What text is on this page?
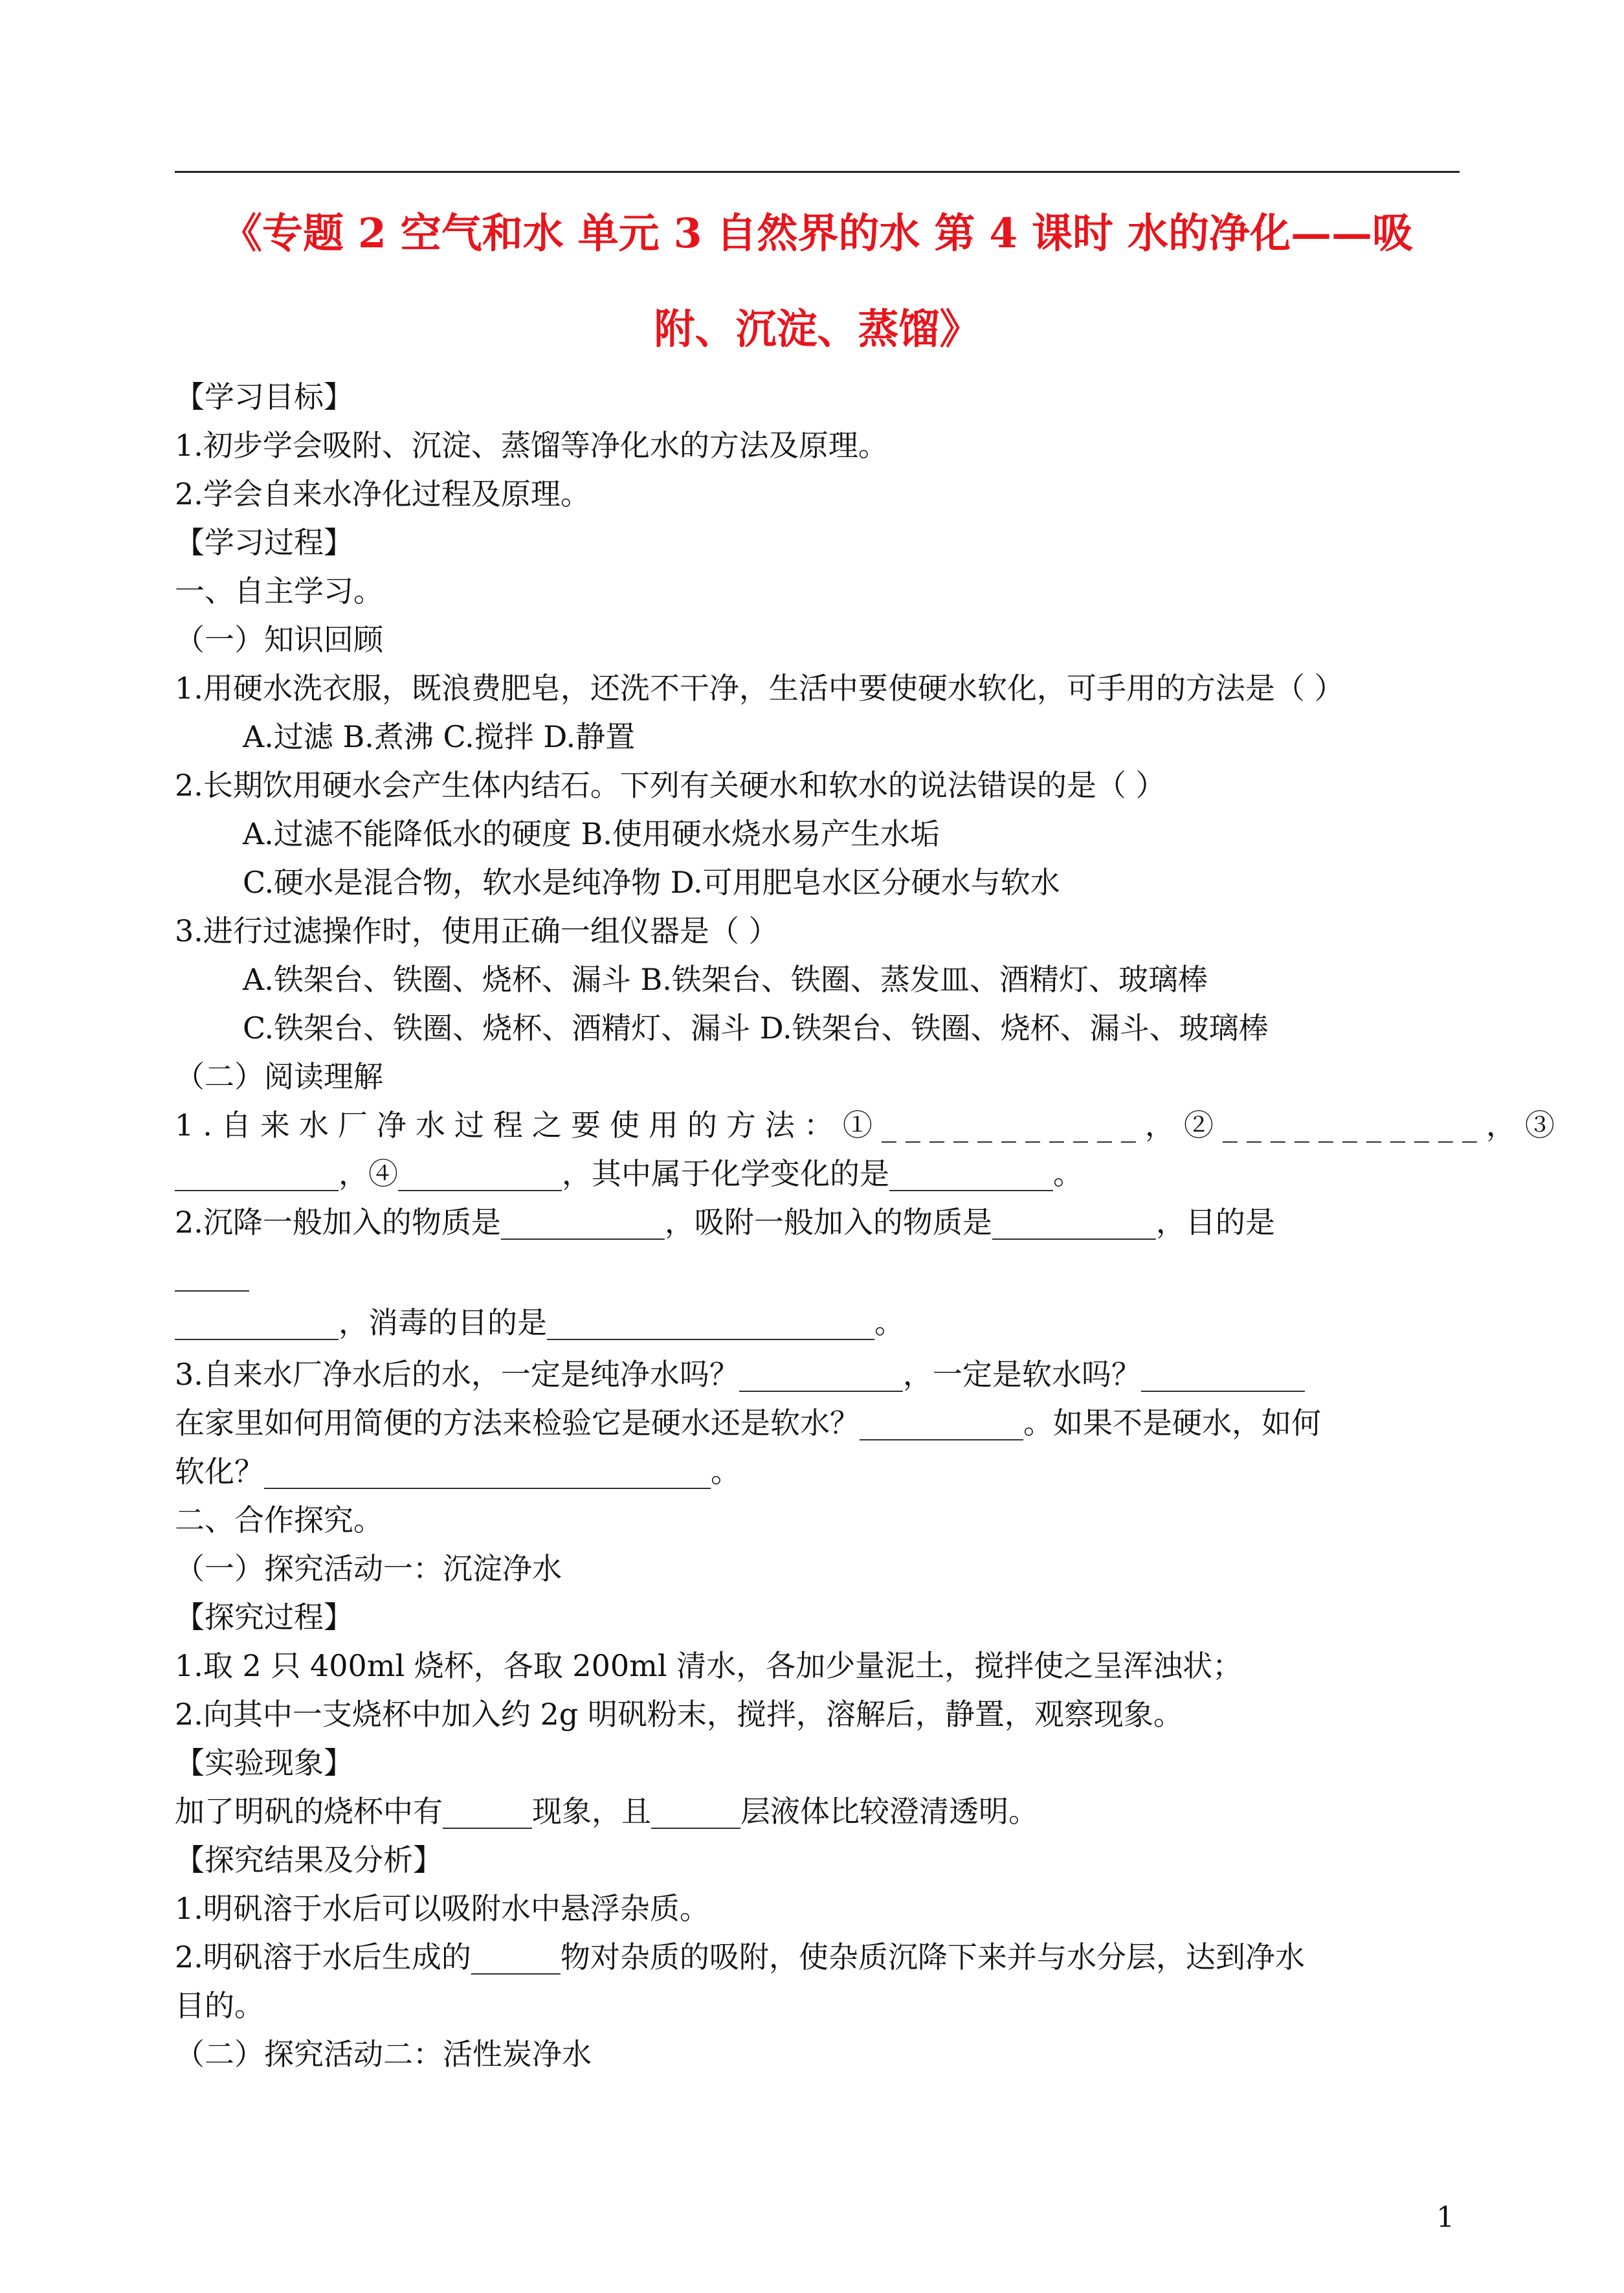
《专题 2 空气和水 单元 3 自然界的水 第 4 课时 水的净化——吸
附、沉淀、蒸馏》
【学习目标】
1.初步学会吸附、沉淀、蒸馏等净化水的方法及原理。
2.学会自来水净化过程及原理。
【学习过程】
一、自主学习。
（一）知识回顾
1.用硬水洗衣服，既浪费肥皂，还洗不干净，生活中要使硬水软化，可手用的方法是（ ）
A.过滤 B.煮沸 C.搅拌 D.静置
2.长期饮用硬水会产生体内结石。下列有关硬水和软水的说法错误的是（ ）
A.过滤不能降低水的硬度 B.使用硬水烧水易产生水垢
C.硬水是混合物，软水是纯净物 D.可用肥皂水区分硬水与软水
3.进行过滤操作时，使用正确一组仪器是（ ）
A.铁架台、铁圈、烧杯、漏斗 B.铁架台、铁圈、蒸发皿、酒精灯、玻璃棒
C.铁架台、铁圈、烧杯、酒精灯、漏斗 D.铁架台、铁圈、烧杯、漏斗、玻璃棒
（二）阅读理解
1.自来水厂净水过程之要使用的方法：①___________，②___________，③
___________，④___________，其中属于化学变化的是___________。
2.沉降一般加入的物质是___________，吸附一般加入的物质是___________，目的是
_____
___________，消毒的目的是______________________。
3.自来水厂净水后的水，一定是纯净水吗？___________，一定是软水吗？___________
在家里如何用简便的方法来检验它是硬水还是软水？___________。如果不是硬水，如何
软化？______________________________。
二、合作探究。
（一）探究活动一：沉淀净水
【探究过程】
1.取 2 只 400ml 烧杯，各取 200ml 清水，各加少量泥土，搅拌使之呈浑浊状；
2.向其中一支烧杯中加入约 2g 明矾粉末，搅拌，溶解后，静置，观察现象。
【实验现象】
加了明矾的烧杯中有______现象，且______层液体比较澄清透明。
【探究结果及分析】
1.明矾溶于水后可以吸附水中悬浮杂质。
2.明矾溶于水后生成的______物对杂质的吸附，使杂质沉降下来并与水分层，达到净水
目的。
（二）探究活动二：活性炭净水
1
